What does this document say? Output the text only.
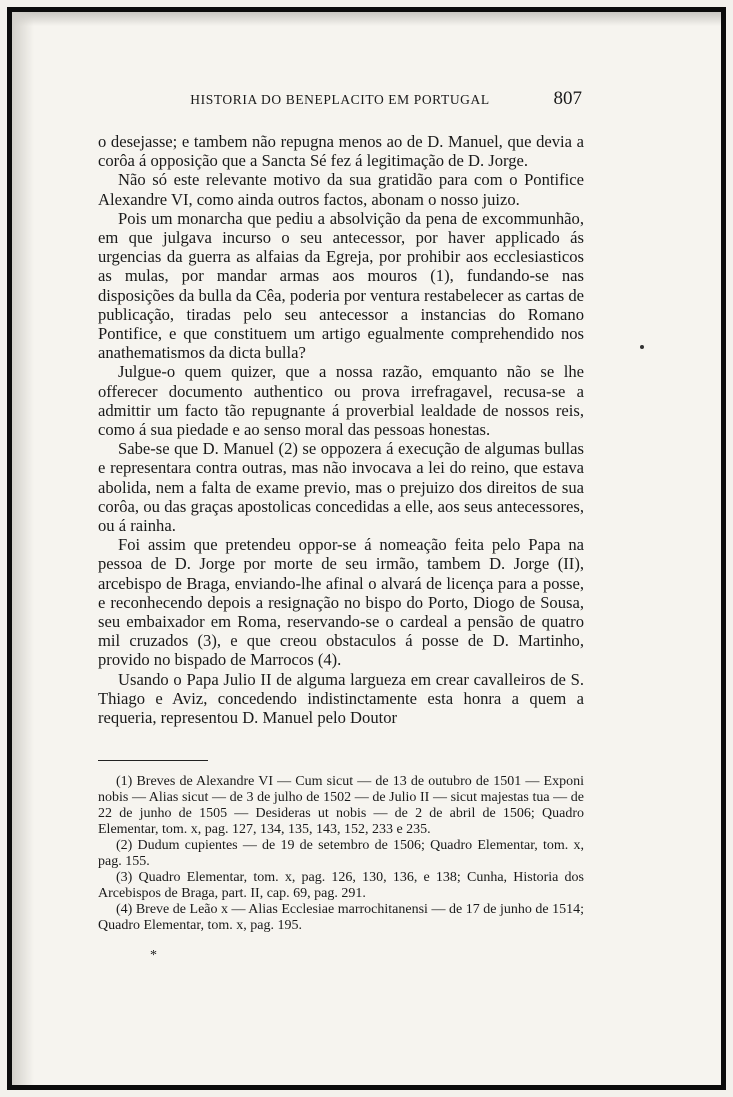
HISTORIA DO BENEPLACITO EM PORTUGAL	807

o desejasse; e tambem não repugna menos ao de D. Manuel, que devia a corôa á opposição que a Sancta Sé fez á legitimação de D. Jorge.

Não só este relevante motivo da sua gratidão para com o Pontifice Alexandre VI, como ainda outros factos, abonam o nosso juizo.

Pois um monarcha que pediu a absolvição da pena de excommunhão, em que julgava incurso o seu antecessor, por haver applicado ás urgencias da guerra as alfaias da Egreja, por prohibir aos ecclesiasticos as mulas, por mandar armas aos mouros (1), fundando-se nas disposições da bulla da Cêa, poderia por ventura restabelecer as cartas de publicação, tiradas pelo seu antecessor a instancias do Romano Pontifice, e que constituem um artigo egualmente comprehendido nos anathematismos da dicta bulla?

Julgue-o quem quizer, que a nossa razão, emquanto não se lhe offerecer documento authentico ou prova irrefragavel, recusa-se a admittir um facto tão repugnante á proverbial lealdade de nossos reis, como á sua piedade e ao senso moral das pessoas honestas.

Sabe-se que D. Manuel (2) se oppozera á execução de algumas bullas e representara contra outras, mas não invocava a lei do reino, que estava abolida, nem a falta de exame previo, mas o prejuizo dos direitos de sua corôa, ou das graças apostolicas concedidas a elle, aos seus antecessores, ou á rainha.

Foi assim que pretendeu oppor-se á nomeação feita pelo Papa na pessoa de D. Jorge por morte de seu irmão, tambem D. Jorge (II), arcebispo de Braga, enviando-lhe afinal o alvará de licença para a posse, e reconhecendo depois a resignação no bispo do Porto, Diogo de Sousa, seu embaixador em Roma, reservando-se o cardeal a pensão de quatro mil cruzados (3), e que creou obstaculos á posse de D. Martinho, provido no bispado de Marrocos (4).

Usando o Papa Julio II de alguma largueza em crear cavalleiros de S. Thiago e Aviz, concedendo indistinctamente esta honra a quem a requeria, representou D. Manuel pelo Doutor

(1) Breves de Alexandre VI — Cum sicut — de 13 de outubro de 1501 — Exponi nobis — Alias sicut — de 3 de julho de 1502 — de Julio II — sicut majestas tua — de 22 de junho de 1505 — Desideras ut nobis — de 2 de abril de 1506; Quadro Elementar, tom. x, pag. 127, 134, 135, 143, 152, 233 e 235.

(2) Dudum cupientes — de 19 de setembro de 1506; Quadro Elementar, tom. x, pag. 155.

(3) Quadro Elementar, tom. x, pag. 126, 130, 136, e 138; Cunha, Historia dos Arcebispos de Braga, part. II, cap. 69, pag. 291.

(4) Breve de Leão x — Alias Ecclesiae marrochitanensi — de 17 de junho de 1514; Quadro Elementar, tom. x, pag. 195.

*
